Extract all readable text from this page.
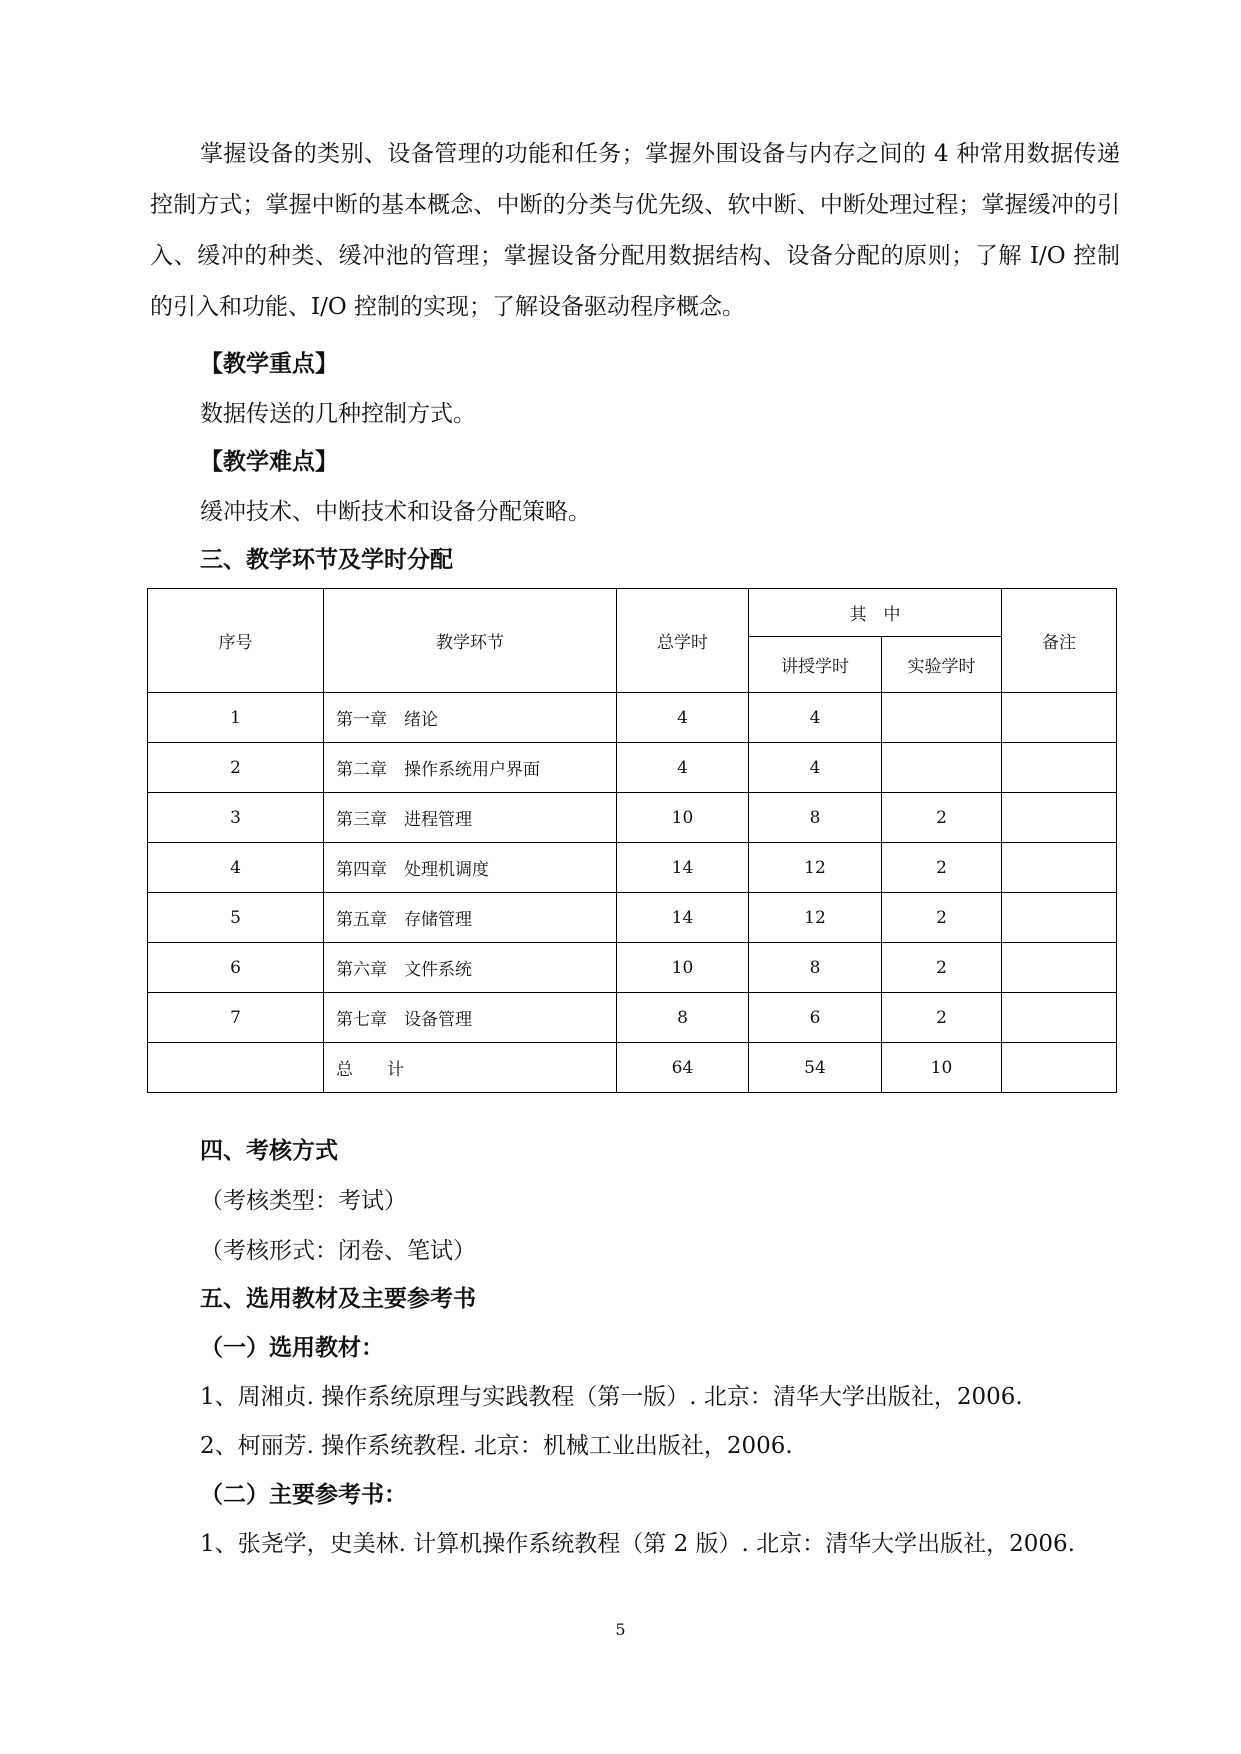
掌握设备的类别、设备管理的功能和任务；掌握外围设备与内存之间的 4 种常用数据传递控制方式；掌握中断的基本概念、中断的分类与优先级、软中断、中断处理过程；掌握缓冲的引入、缓冲的种类、缓冲池的管理；掌握设备分配用数据结构、设备分配的原则；了解 I/O 控制的引入和功能、I/O 控制的实现；了解设备驱动程序概念。

【教学重点】
数据传送的几种控制方式。
【教学难点】
缓冲技术、中断技术和设备分配策略。
三、教学环节及学时分配
序号	教学环节	总学时	其　中		备注
			讲授学时	实验学时	
1	第一章　绪论	4	4		
2	第二章　操作系统用户界面	4	4		
3	第三章　进程管理	10	8	2	
4	第四章　处理机调度	14	12	2	
5	第五章　存储管理	14	12	2	
6	第六章　文件系统	10	8	2	
7	第七章　设备管理	8	6	2	
	总　　计	64	54	10	
四、考核方式
（考核类型：考试）
（考核形式：闭卷、笔试）
五、选用教材及主要参考书
（一）选用教材：
1、周湘贞. 操作系统原理与实践教程（第一版）. 北京：清华大学出版社，2006.
2、柯丽芳. 操作系统教程. 北京：机械工业出版社，2006.
（二）主要参考书：
1、张尧学，史美林. 计算机操作系统教程（第 2 版）. 北京：清华大学出版社，2006.
5
